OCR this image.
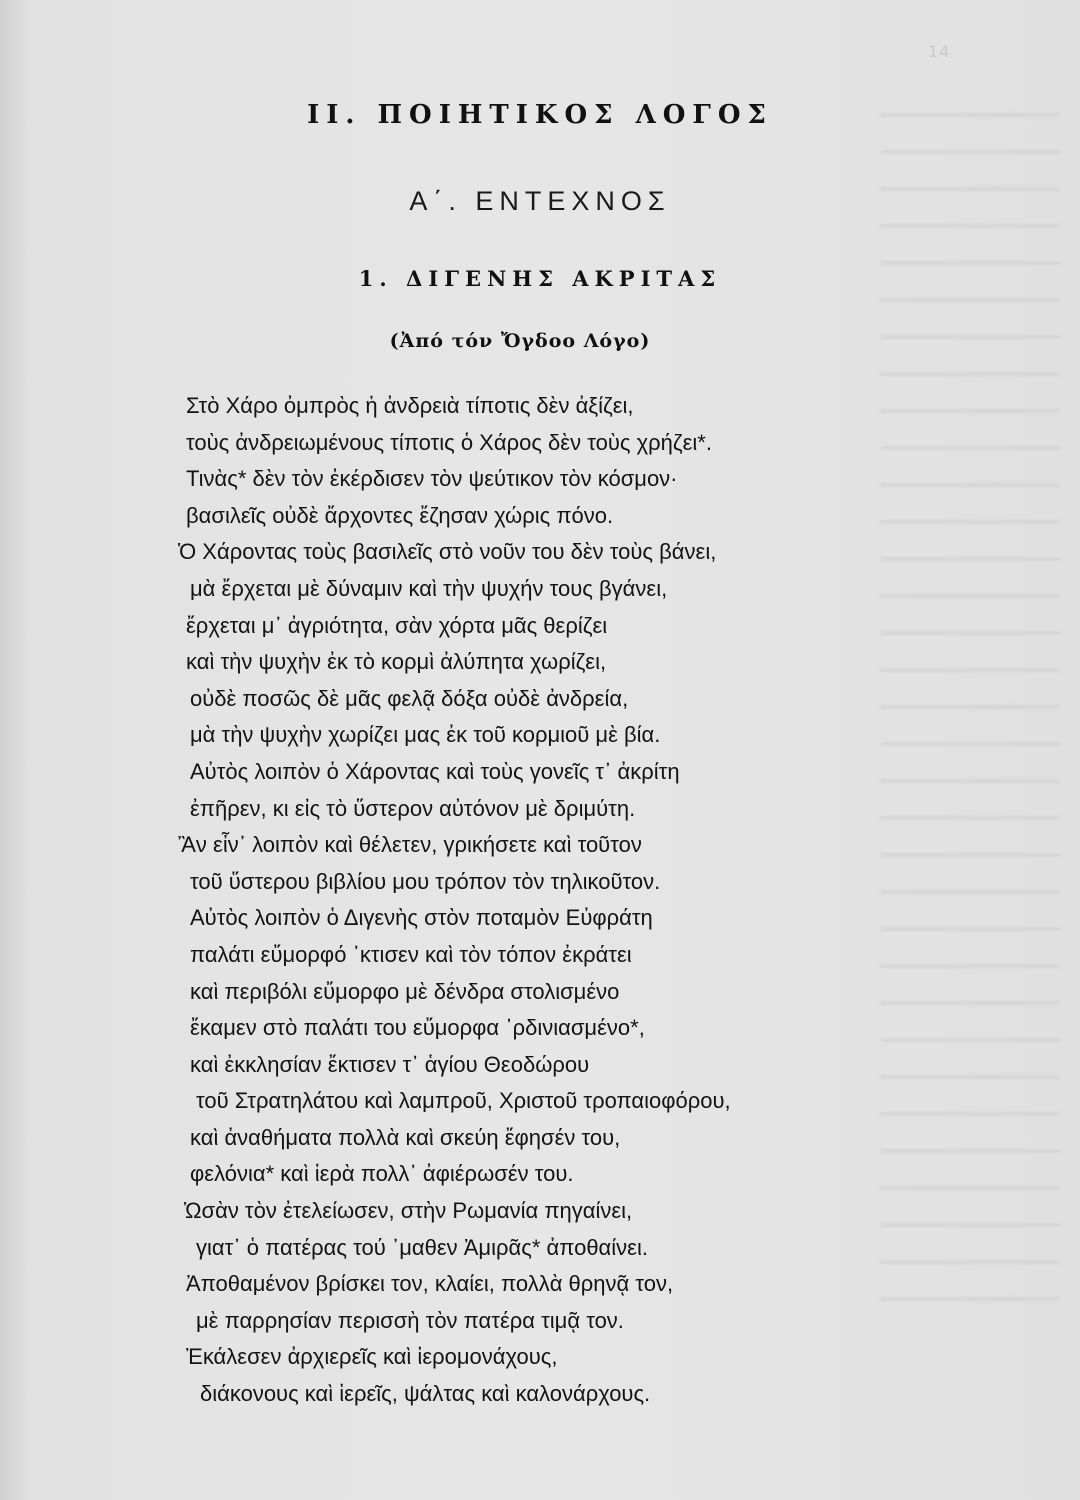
14
II. ΠΟΙΗΤΙΚΟΣ ΛΟΓΟΣ
Α΄. ΕΝΤΕΧΝΟΣ
1. ΔΙΓΕΝΗΣ ΑΚΡΙΤΑΣ
(Ἀπό τόν Ὄγδοο Λόγο)
Στὸ Χάρο ὀμπρὸς ἡ ἀνδρειὰ τίποτις δὲν ἀξίζει,
τοὺς ἀνδρειωμένους τίποτις ὁ Χάρος δὲν τοὺς χρήζει*.
Τινὰς* δὲν τὸν ἐκέρδισεν τὸν ψεύτικον τὸν κόσμον·
βασιλεῖς οὐδὲ ἄρχοντες ἔζησαν χώρις πόνο.
Ὁ Χάροντας τοὺς βασιλεῖς στὸ νοῦν του δὲν τοὺς βάνει,
μὰ ἔρχεται μὲ δύναμιν καὶ τὴν ψυχήν τους βγάνει,
ἔρχεται μ᾿ ἀγριότητα, σὰν χόρτα μᾶς θερίζει
καὶ τὴν ψυχὴν ἐκ τὸ κορμὶ ἀλύπητα χωρίζει,
οὐδὲ ποσῶς δὲ μᾶς φελᾷ δόξα οὐδὲ ἀνδρεία,
μὰ τὴν ψυχὴν χωρίζει μας ἐκ τοῦ κορμιοῦ μὲ βία.
Αὐτὸς λοιπὸν ὁ Χάροντας καὶ τοὺς γονεῖς τ᾿ ἀκρίτη
ἐπῆρεν, κι εἰς τὸ ὕστερον αὐτόνον μὲ δριμύτη.
Ἂν εἶν᾿ λοιπὸν καὶ θέλετεν, γρικήσετε καὶ τοῦτον
τοῦ ὕστερου βιβλίου μου τρόπον τὸν τηλικοῦτον.
Αὐτὸς λοιπὸν ὁ Διγενὴς στὸν ποταμὸν Εὐφράτη
παλάτι εὔμορφό ᾿κτισεν καὶ τὸν τόπον ἐκράτει
καὶ περιβόλι εὔμορφο μὲ δένδρα στολισμένο
ἔκαμεν στὸ παλάτι του εὔμορφα ᾿ρδινιασμένο*,
καὶ ἐκκλησίαν ἔκτισεν τ᾿ ἁγίου Θεοδώρου
τοῦ Στρατηλάτου καὶ λαμπροῦ, Χριστοῦ τροπαιοφόρου,
καὶ ἀναθήματα πολλὰ καὶ σκεύη ἔφησέν του,
φελόνια* καὶ ἱερὰ πολλ᾿ ἀφιέρωσέν του.
Ὡσὰν τὸν ἐτελείωσεν, στὴν Ρωμανία πηγαίνει,
γιατ᾿ ὁ πατέρας τού ᾿μαθεν Ἀμιρᾶς* ἀποθαίνει.
Ἀποθαμένον βρίσκει τον, κλαίει, πολλὰ θρηνᾷ τον,
μὲ παρρησίαν περισσὴ τὸν πατέρα τιμᾷ τον.
Ἐκάλεσεν ἀρχιερεῖς καὶ ἱερομονάχους,
διάκονους καὶ ἱερεῖς, ψάλτας καὶ καλονάρχους.
